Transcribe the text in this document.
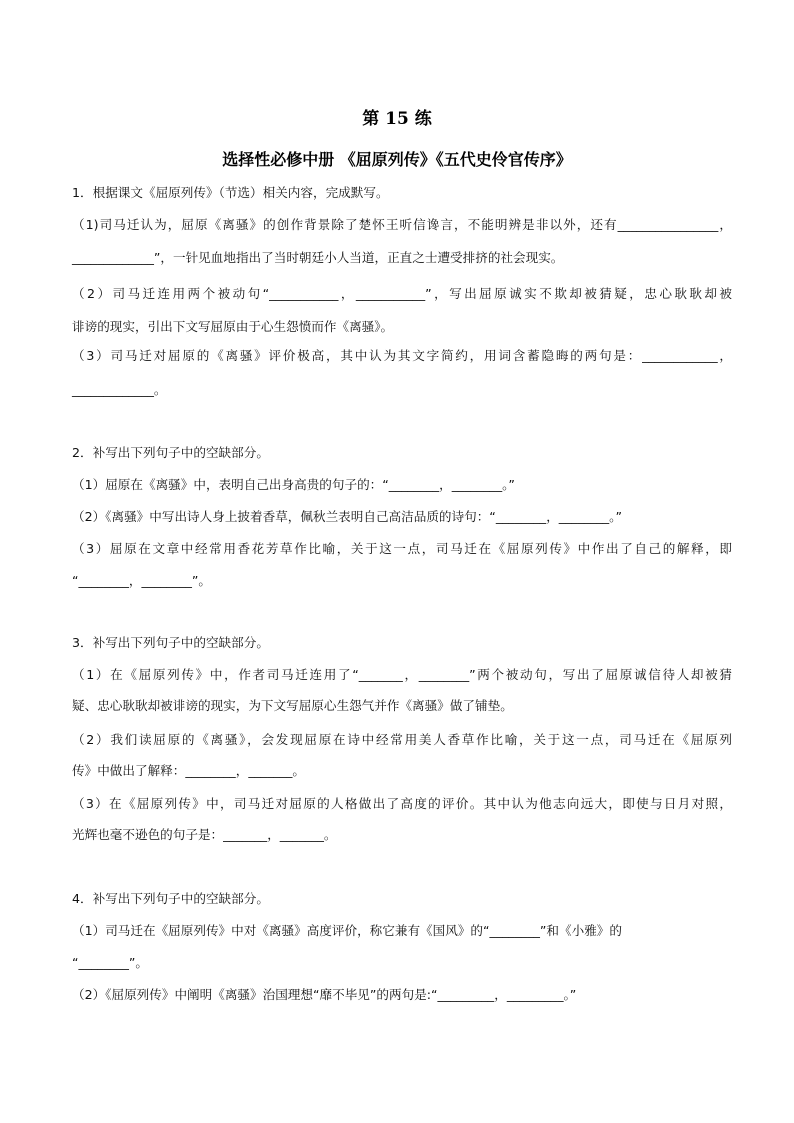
第 15 练
选择性必修中册 《屈原列传》《五代史伶官传序》
1．根据课文《屈原列传》（节选）相关内容，完成默写。
（1)司马迁认为，屈原《离骚》的创作背景除了楚怀王听信谗言，不能明辨是非以外，还有________________，
_____________”，一针见血地指出了当时朝廷小人当道，正直之士遭受排挤的社会现实。
（2）司马迁连用两个被动句“___________，___________”，写出屈原诚实不欺却被猜疑，忠心耿耿却被
诽谤的现实，引出下文写屈原由于心生怨愤而作《离骚》。
（3）司马迁对屈原的《离骚》评价极高，其中认为其文字简约，用词含蓄隐晦的两句是：____________，
_____________。
2．补写出下列句子中的空缺部分。
（1）屈原在《离骚》中，表明自己出身高贵的句子的：“________，________。”
（2）《离骚》中写出诗人身上披着香草，佩秋兰表明自己高洁品质的诗句：“________，________。”
（3）屈原在文章中经常用香花芳草作比喻，关于这一点，司马迁在《屈原列传》中作出了自己的解释，即
“________，________”。
3．补写出下列句子中的空缺部分。
（1）在《屈原列传》中，作者司马迁连用了“_______，________”两个被动句，写出了屈原诚信待人却被猜
疑、忠心耿耿却被诽谤的现实，为下文写屈原心生怨气并作《离骚》做了铺垫。
（2）我们读屈原的《离骚》，会发现屈原在诗中经常用美人香草作比喻，关于这一点，司马迁在《屈原列
传》中做出了解释：________，_______。
（3）在《屈原列传》中，司马迁对屈原的人格做出了高度的评价。其中认为他志向远大，即使与日月对照，
光辉也毫不逊色的句子是：_______，_______。
4．补写出下列句子中的空缺部分。
（1）司马迁在《屈原列传》中对《离骚》高度评价，称它兼有《国风》的“________”和《小雅》的
“________”。
（2）《屈原列传》中阐明《离骚》治国理想“靡不毕见”的两句是:“_________，_________。”
